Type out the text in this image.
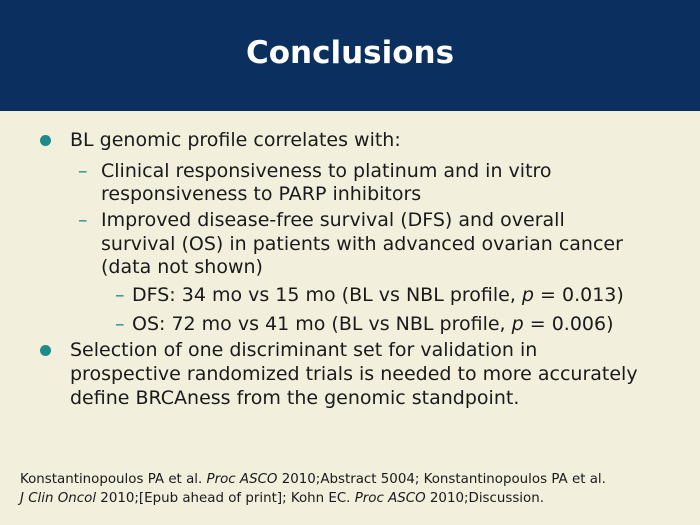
Conclusions
BL genomic profile correlates with:
– Clinical responsiveness to platinum and in vitro
responsiveness to PARP inhibitors
– Improved disease-free survival (DFS) and overall
survival (OS) in patients with advanced ovarian cancer
(data not shown)
– DFS: 34 mo vs 15 mo (BL vs NBL profile, p = 0.013)
– OS: 72 mo vs 41 mo (BL vs NBL profile, p = 0.006)
Selection of one discriminant set for validation in
prospective randomized trials is needed to more accurately
define BRCAness from the genomic standpoint.
Konstantinopoulos PA et al. Proc ASCO 2010;Abstract 5004; Konstantinopoulos PA et al.
J Clin Oncol 2010;[Epub ahead of print]; Kohn EC. Proc ASCO 2010;Discussion.
